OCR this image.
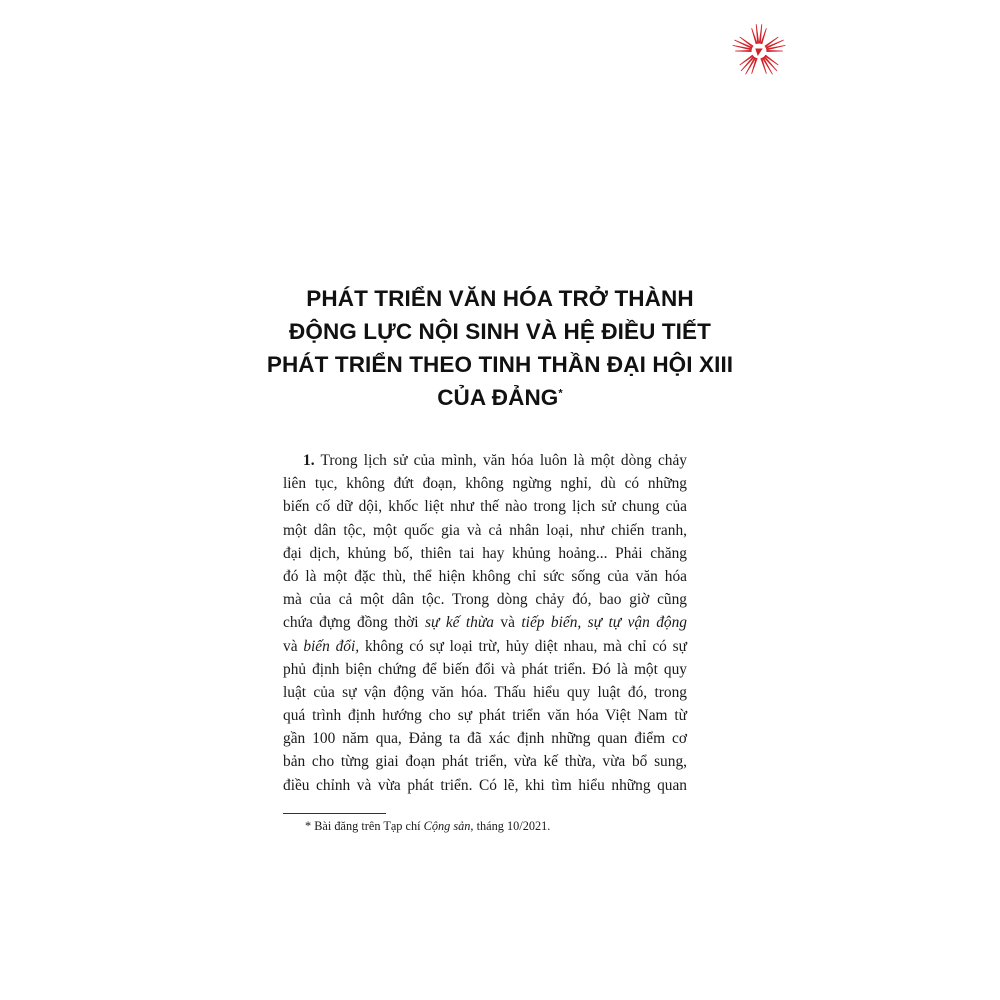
PHÁT TRIỂN VĂN HÓA TRỞ THÀNH
ĐỘNG LỰC NỘI SINH VÀ HỆ ĐIỀU TIẾT
PHÁT TRIỂN THEO TINH THẦN ĐẠI HỘI XIII
CỦA ĐẢNG*
1. Trong lịch sử của mình, văn hóa luôn là một dòng chảy
liên tục, không đứt đoạn, không ngừng nghỉ, dù có những
biến cố dữ dội, khốc liệt như thế nào trong lịch sử chung của
một dân tộc, một quốc gia và cả nhân loại, như chiến tranh,
đại dịch, khủng bố, thiên tai hay khủng hoảng... Phải chăng
đó là một đặc thù, thể hiện không chỉ sức sống của văn hóa
mà của cả một dân tộc. Trong dòng chảy đó, bao giờ cũng
chứa đựng đồng thời sự kế thừa và tiếp biến, sự tự vận động
và biến đổi, không có sự loại trừ, hủy diệt nhau, mà chỉ có sự
phủ định biện chứng để biến đổi và phát triển. Đó là một quy
luật của sự vận động văn hóa. Thấu hiểu quy luật đó, trong
quá trình định hướng cho sự phát triển văn hóa Việt Nam từ
gần 100 năm qua, Đảng ta đã xác định những quan điểm cơ
bản cho từng giai đoạn phát triển, vừa kế thừa, vừa bổ sung,
điều chỉnh và vừa phát triển. Có lẽ, khi tìm hiểu những quan
* Bài đăng trên Tạp chí Cộng sản, tháng 10/2021.
